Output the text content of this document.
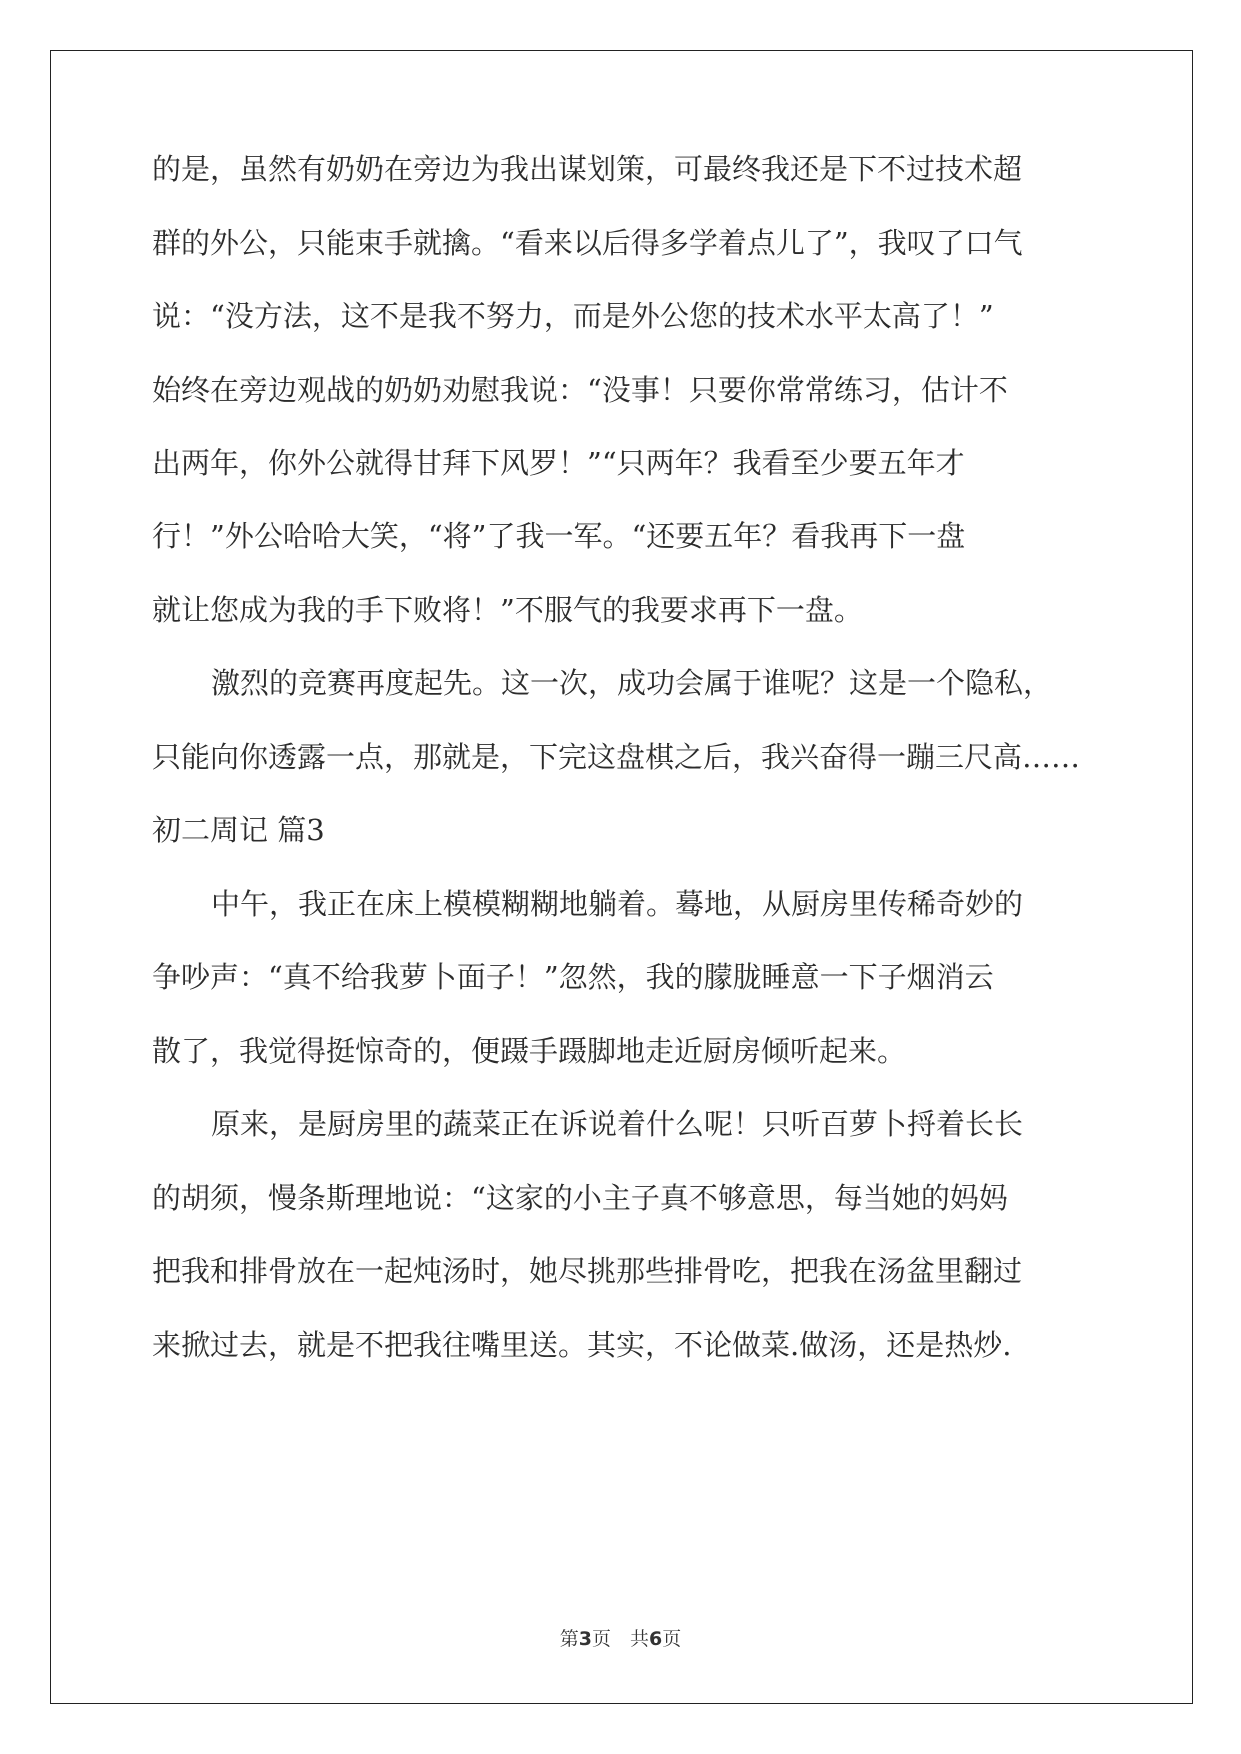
的是，虽然有奶奶在旁边为我出谋划策，可最终我还是下不过技术超

群的外公，只能束手就擒。“看来以后得多学着点儿了”，我叹了口气

说：“没方法，这不是我不努力，而是外公您的技术水平太高了！”

始终在旁边观战的奶奶劝慰我说：“没事！只要你常常练习，估计不

出两年，你外公就得甘拜下风罗！”“只两年？我看至少要五年才

行！”外公哈哈大笑，“将”了我一军。“还要五年？看我再下一盘

就让您成为我的手下败将！”不服气的我要求再下一盘。

激烈的竞赛再度起先。这一次，成功会属于谁呢？这是一个隐私，

只能向你透露一点，那就是，下完这盘棋之后，我兴奋得一蹦三尺高……

初二周记 篇3

中午，我正在床上模模糊糊地躺着。蓦地，从厨房里传稀奇妙的

争吵声：“真不给我萝卜面子！”忽然，我的朦胧睡意一下子烟消云

散了，我觉得挺惊奇的，便蹑手蹑脚地走近厨房倾听起来。

原来，是厨房里的蔬菜正在诉说着什么呢！只听百萝卜捋着长长

的胡须，慢条斯理地说：“这家的小主子真不够意思，每当她的妈妈

把我和排骨放在一起炖汤时，她尽挑那些排骨吃，把我在汤盆里翻过

来掀过去，就是不把我往嘴里送。其实，不论做菜.做汤，还是热炒.

第3页　共6页
